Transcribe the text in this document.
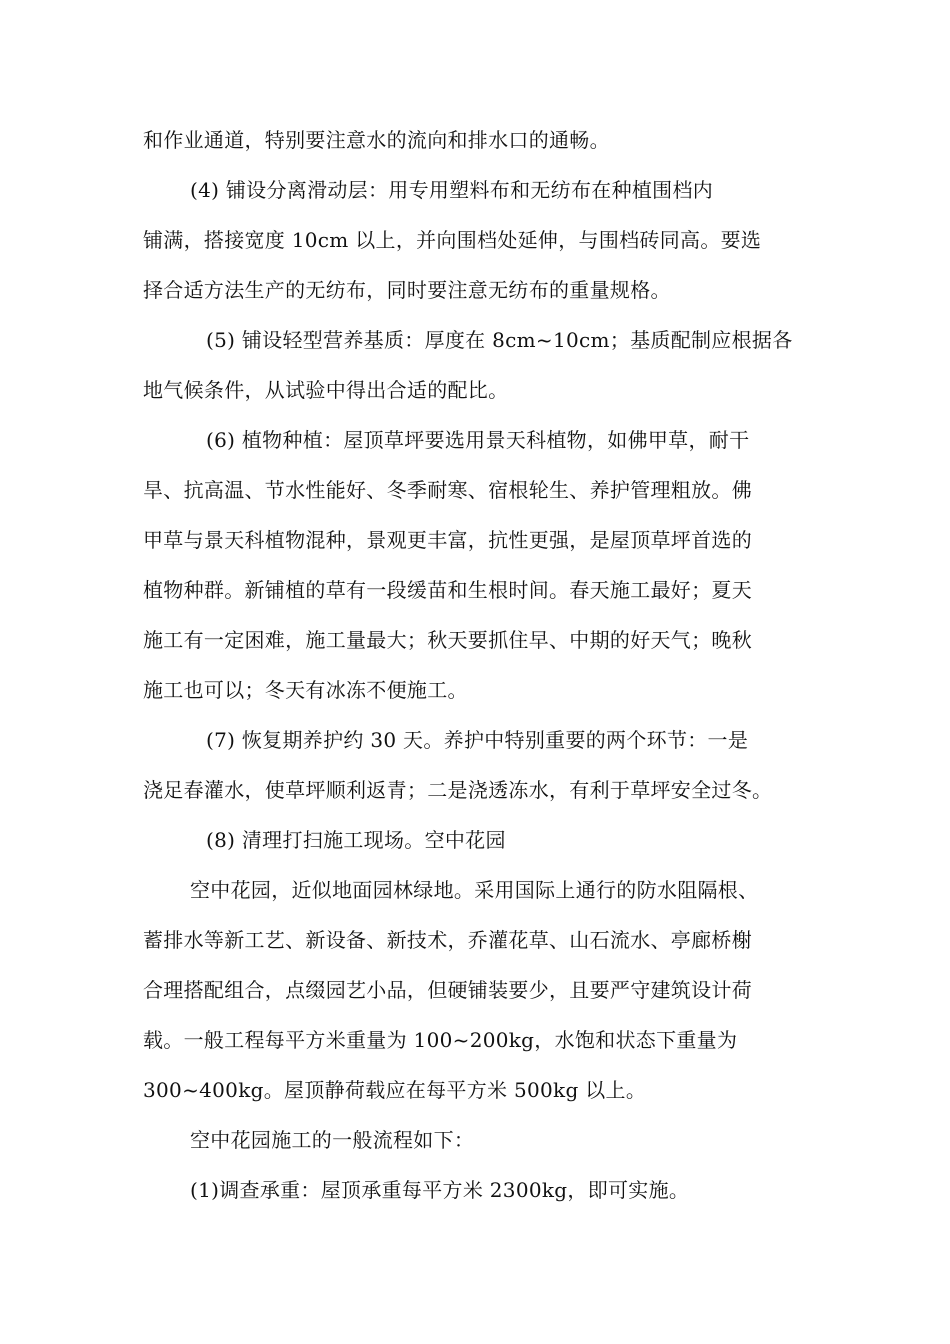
和作业通道，特别要注意水的流向和排水口的通畅。
(4) 铺设分离滑动层：用专用塑料布和无纺布在种植围档内
铺满，搭接宽度 10cm 以上，并向围档处延伸，与围档砖同高。要选
择合适方法生产的无纺布，同时要注意无纺布的重量规格。
(5) 铺设轻型营养基质：厚度在 8cm~10cm；基质配制应根据各
地气候条件，从试验中得出合适的配比。
(6) 植物种植：屋顶草坪要选用景天科植物，如佛甲草，耐干
旱、抗高温、节水性能好、冬季耐寒、宿根轮生、养护管理粗放。佛
甲草与景天科植物混种，景观更丰富，抗性更强，是屋顶草坪首选的
植物种群。新铺植的草有一段缓苗和生根时间。春天施工最好；夏天
施工有一定困难，施工量最大；秋天要抓住早、中期的好天气；晚秋
施工也可以；冬天有冰冻不便施工。
(7) 恢复期养护约 30 天。养护中特别重要的两个环节：一是
浇足春灌水，使草坪顺利返青；二是浇透冻水，有利于草坪安全过冬。
(8) 清理打扫施工现场。空中花园
空中花园，近似地面园林绿地。采用国际上通行的防水阻隔根、
蓄排水等新工艺、新设备、新技术，乔灌花草、山石流水、亭廊桥榭
合理搭配组合，点缀园艺小品，但硬铺装要少，且要严守建筑设计荷
载。一般工程每平方米重量为 100~200kg，水饱和状态下重量为
300~400kg。屋顶静荷载应在每平方米 500kg 以上。
空中花园施工的一般流程如下：
(1)调查承重：屋顶承重每平方米 2300kg，即可实施。
